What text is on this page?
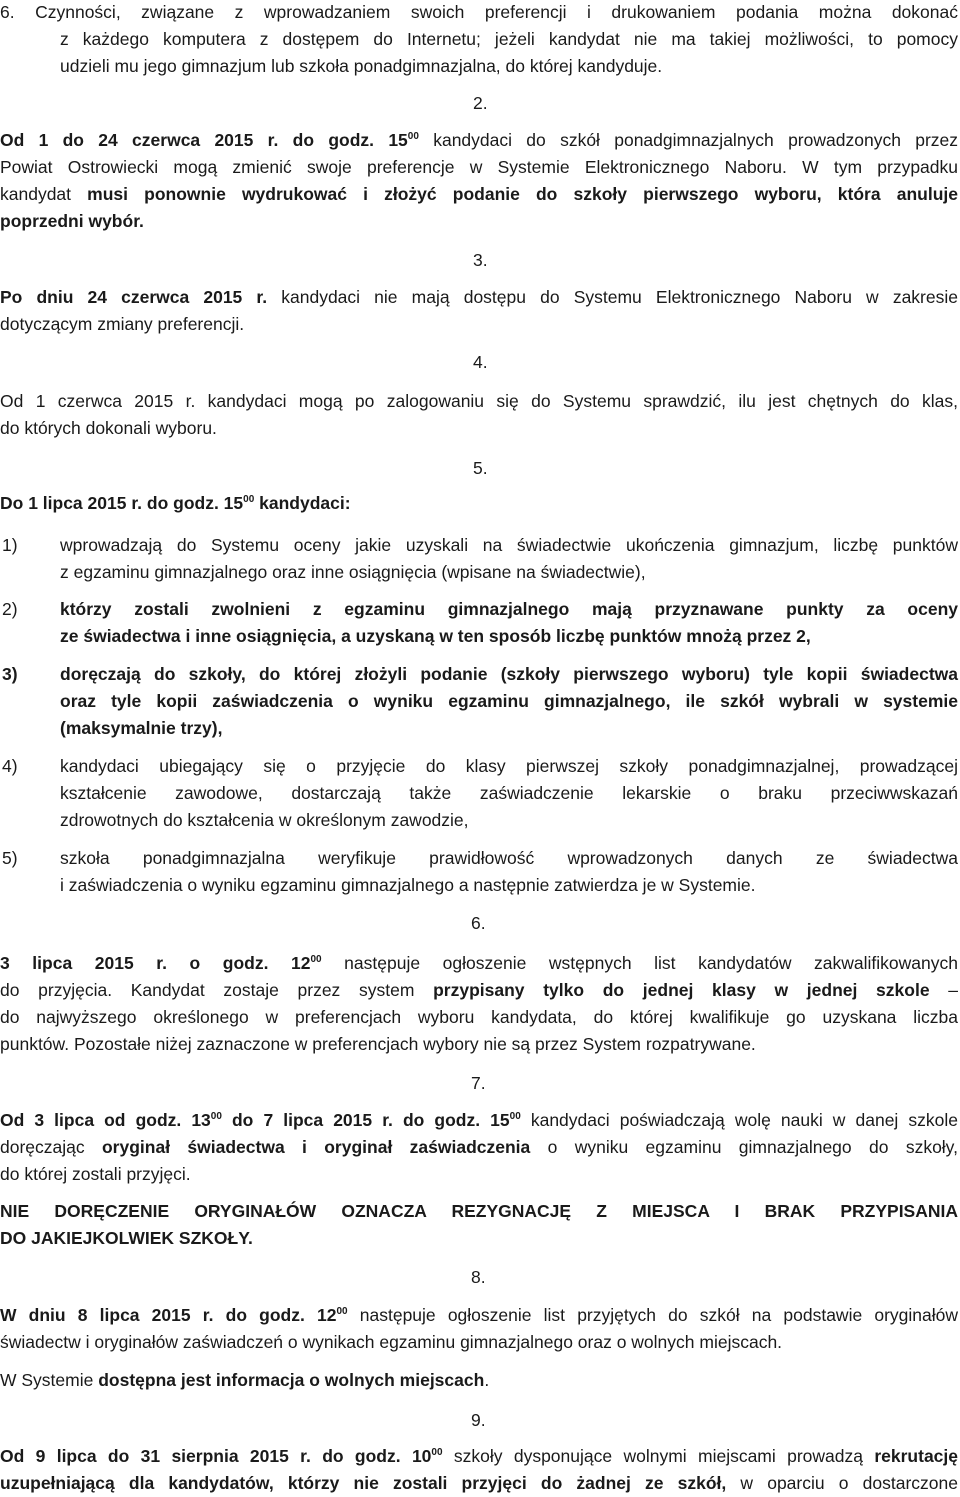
6. Czynności, związane z wprowadzaniem swoich preferencji i drukowaniem podania można dokonać
z każdego komputera z dostępem do Internetu; jeżeli kandydat nie ma takiej możliwości, to pomocy
udzieli mu jego gimnazjum lub szkoła ponadgimnazjalna, do której kandyduje.
2.
Od 1 do 24 czerwca 2015 r. do godz. $15^{00}$ kandydaci do szkół ponadgimnazjalnych prowadzonych przez
Powiat Ostrowiecki mogą zmienić swoje preferencje w Systemie Elektronicznego Naboru. W tym przypadku
kandydat musi ponownie wydrukować i złożyć podanie do szkoły pierwszego wyboru, która anuluje
poprzedni wybór.
3.
Po dniu 24 czerwca 2015 r. kandydaci nie mają dostępu do Systemu Elektronicznego Naboru w zakresie
dotyczącym zmiany preferencji.
4.
Od 1 czerwca 2015 r. kandydaci mogą po zalogowaniu się do Systemu sprawdzić, ilu jest chętnych do klas,
do których dokonali wyboru.
5.
Do 1 lipca 2015 r. do godz. $15^{00}$ kandydaci:
1) wprowadzają do Systemu oceny jakie uzyskali na świadectwie ukończenia gimnazjum, liczbę punktów
z egzaminu gimnazjalnego oraz inne osiągnięcia (wpisane na świadectwie),
2) którzy zostali zwolnieni z egzaminu gimnazjalnego mają przyznawane punkty za oceny
ze świadectwa i inne osiągnięcia, a uzyskaną w ten sposób liczbę punktów mnożą przez 2,
3) doręczają do szkoły, do której złożyli podanie (szkoły pierwszego wyboru) tyle kopii świadectwa
oraz tyle kopii zaświadczenia o wyniku egzaminu gimnazjalnego, ile szkół wybrali w systemie
(maksymalnie trzy),
4) kandydaci ubiegający się o przyjęcie do klasy pierwszej szkoły ponadgimnazjalnej, prowadzącej
kształcenie zawodowe, dostarczają także zaświadczenie lekarskie o braku przeciwwskazań
zdrowotnych do kształcenia w określonym zawodzie,
5) szkoła ponadgimnazjalna weryfikuje prawidłowość wprowadzonych danych ze świadectwa
i zaświadczenia o wyniku egzaminu gimnazjalnego a następnie zatwierdza je w Systemie.
6.
3 lipca 2015 r. o godz. $12^{00}$ następuje ogłoszenie wstępnych list kandydatów zakwalifikowanych
do przyjęcia. Kandydat zostaje przez system przypisany tylko do jednej klasy w jednej szkole –
do najwyższego określonego w preferencjach wyboru kandydata, do której kwalifikuje go uzyskana liczba
punktów. Pozostałe niżej zaznaczone w preferencjach wybory nie są przez System rozpatrywane.
7.
Od 3 lipca od godz. $13^{00}$ do 7 lipca 2015 r. do godz. $15^{00}$ kandydaci poświadczają wolę nauki w danej szkole
doręczając oryginał świadectwa i oryginał zaświadczenia o wyniku egzaminu gimnazjalnego do szkoły,
do której zostali przyjęci.
NIE DORĘCZENIE ORYGINAŁÓW OZNACZA REZYGNACJĘ Z MIEJSCA I BRAK PRZYPISANIA
DO JAKIEJKOLWIEK SZKOŁY.
8.
W dniu 8 lipca 2015 r. do godz. $12^{00}$ następuje ogłoszenie list przyjętych do szkół na podstawie oryginałów
świadectw i oryginałów zaświadczeń o wynikach egzaminu gimnazjalnego oraz o wolnych miejscach.
W Systemie dostępna jest informacja o wolnych miejscach.
9.
Od 9 lipca do 31 sierpnia 2015 r. do godz. $10^{00}$ szkoły dysponujące wolnymi miejscami prowadzą rekrutację
uzupełniającą dla kandydatów, którzy nie zostali przyjęci do żadnej ze szkół, w oparciu o dostarczone
